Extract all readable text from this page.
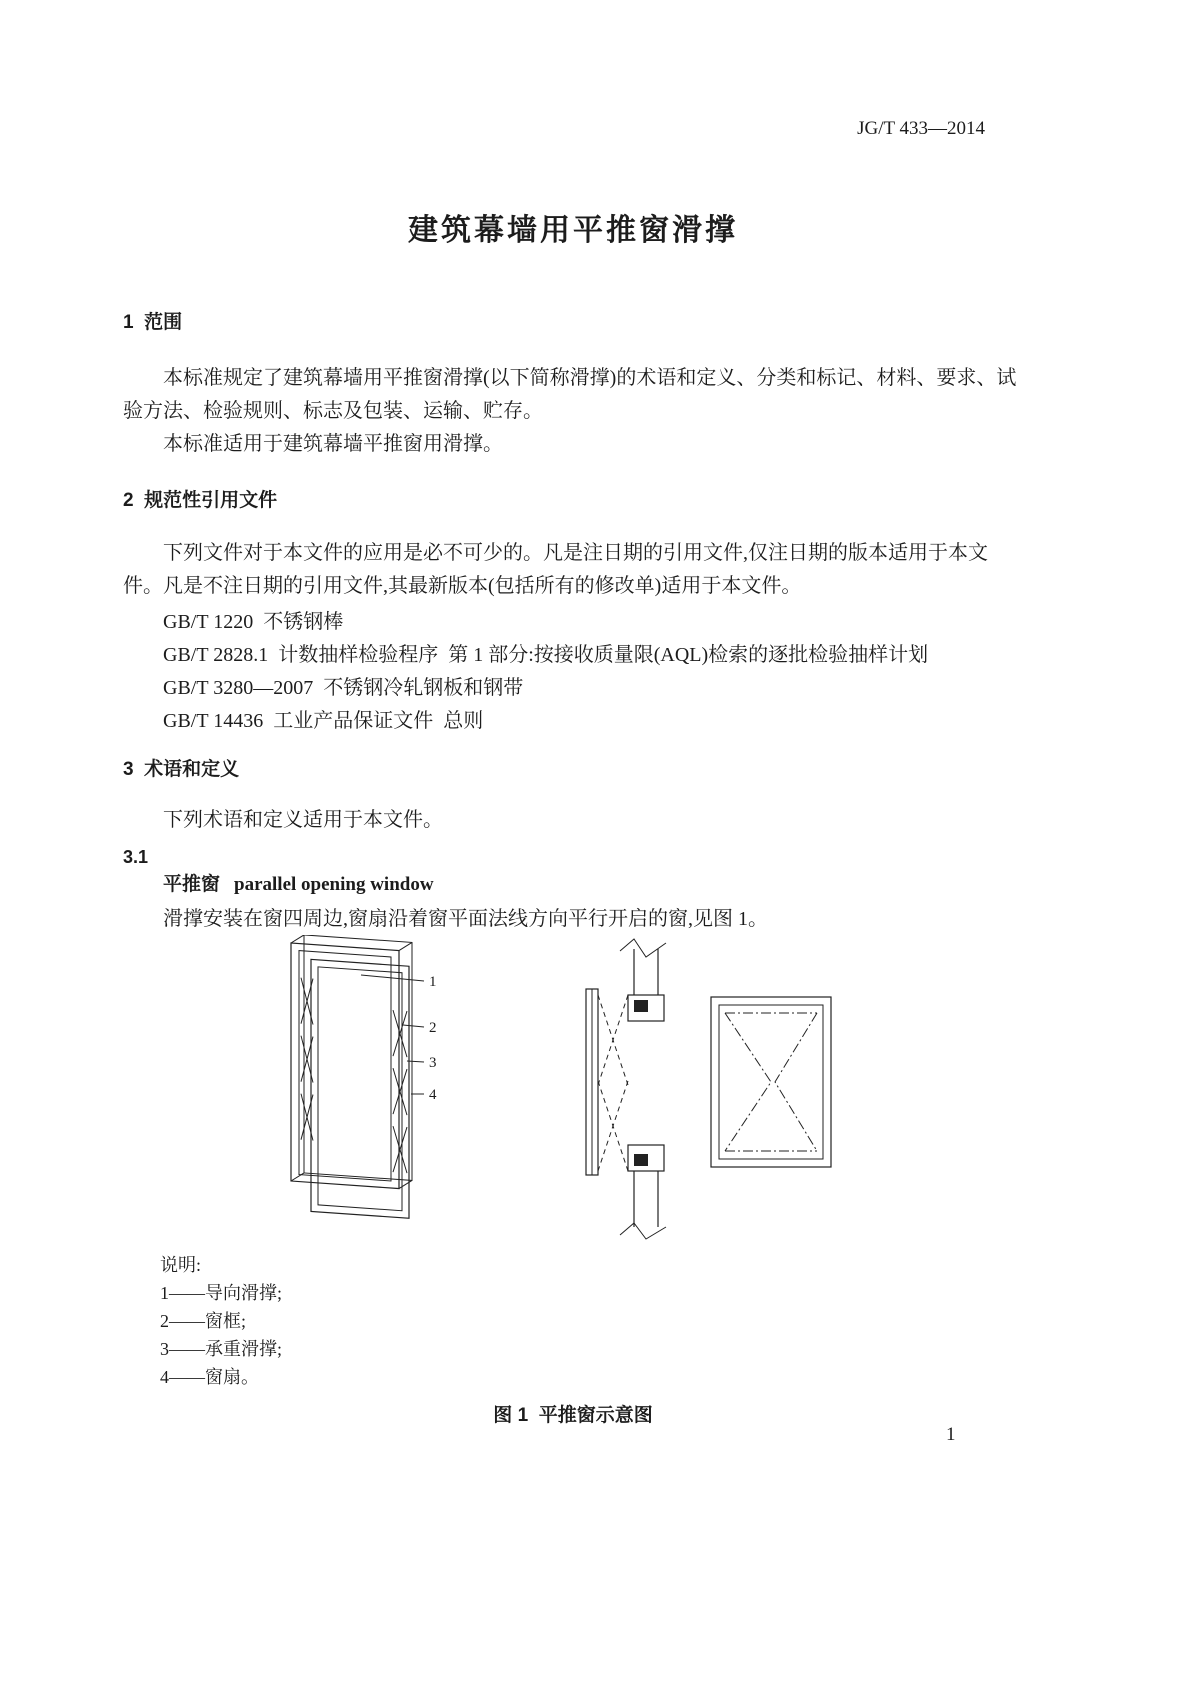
JG/T 433—2014
建筑幕墙用平推窗滑撑
1  范围

本标准规定了建筑幕墙用平推窗滑撑(以下简称滑撑)的术语和定义、分类和标记、材料、要求、试验方法、检验规则、标志及包装、运输、贮存。

本标准适用于建筑幕墙平推窗用滑撑。

2  规范性引用文件

下列文件对于本文件的应用是必不可少的。凡是注日期的引用文件,仅注日期的版本适用于本文件。凡是不注日期的引用文件,其最新版本(包括所有的修改单)适用于本文件。

GB/T 1220  不锈钢棒
GB/T 2828.1  计数抽样检验程序  第 1 部分:按接收质量限(AQL)检索的逐批检验抽样计划
GB/T 3280—2007  不锈钢冷轧钢板和钢带
GB/T 14436  工业产品保证文件  总则
3  术语和定义

下列术语和定义适用于本文件。

3.1
平推窗 parallel opening window

滑撑安装在窗四周边,窗扇沿着窗平面法线方向平行开启的窗,见图 1。

1
2
3
4
说明:
1——导向滑撑;
2——窗框;
3——承重滑撑;
4——窗扇。
图 1  平推窗示意图
1
